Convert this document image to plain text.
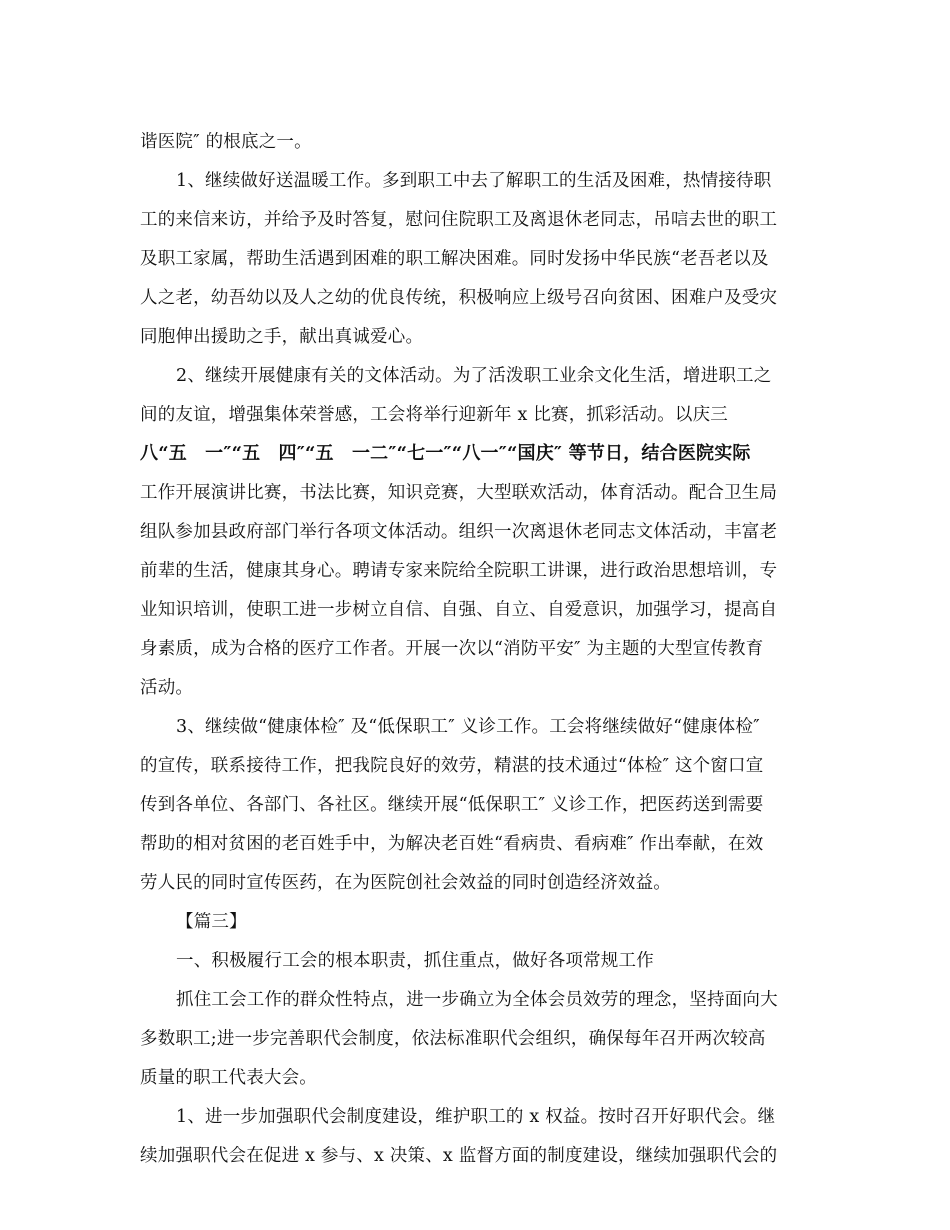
谐医院″ 的根底之一。
1、继续做好送温暖工作。多到职工中去了解职工的生活及困难，热情接待职
工的来信来访，并给予及时答复，慰问住院职工及离退休老同志，吊唁去世的职工
及职工家属，帮助生活遇到困难的职工解决困难。同时发扬中华民族“老吾老以及
人之老，幼吾幼以及人之幼的优良传统，积极响应上级号召向贫困、困难户及受灾
同胞伸出援助之手，献出真诚爱心。
2、继续开展健康有关的文体活动。为了活泼职工业余文化生活，增进职工之
间的友谊，增强集体荣誉感，工会将举行迎新年 x 比赛，抓彩活动。以庆三
八“五　一″“五　四″“五　一二″“七一″“八一″“国庆″ 等节日，结合医院实际
工作开展演讲比赛，书法比赛，知识竞赛，大型联欢活动，体育活动。配合卫生局
组队参加县政府部门举行各项文体活动。组织一次离退休老同志文体活动，丰富老
前辈的生活，健康其身心。聘请专家来院给全院职工讲课，进行政治思想培训，专
业知识培训，使职工进一步树立自信、自强、自立、自爱意识，加强学习，提高自
身素质，成为合格的医疗工作者。开展一次以“消防平安″ 为主题的大型宣传教育
活动。
3、继续做“健康体检″ 及“低保职工″ 义诊工作。工会将继续做好“健康体检″
的宣传，联系接待工作，把我院良好的效劳，精湛的技术通过“体检″ 这个窗口宣
传到各单位、各部门、各社区。继续开展“低保职工″ 义诊工作，把医药送到需要
帮助的相对贫困的老百姓手中，为解决老百姓“看病贵、看病难″ 作出奉献，在效
劳人民的同时宣传医药，在为医院创社会效益的同时创造经济效益。
【篇三】
一、积极履行工会的根本职责，抓住重点，做好各项常规工作
抓住工会工作的群众性特点，进一步确立为全体会员效劳的理念，坚持面向大
多数职工;进一步完善职代会制度，依法标准职代会组织，确保每年召开两次较高
质量的职工代表大会。
1、进一步加强职代会制度建设，维护职工的 x 权益。按时召开好职代会。继
续加强职代会在促进 x 参与、x 决策、x 监督方面的制度建设，继续加强职代会的
